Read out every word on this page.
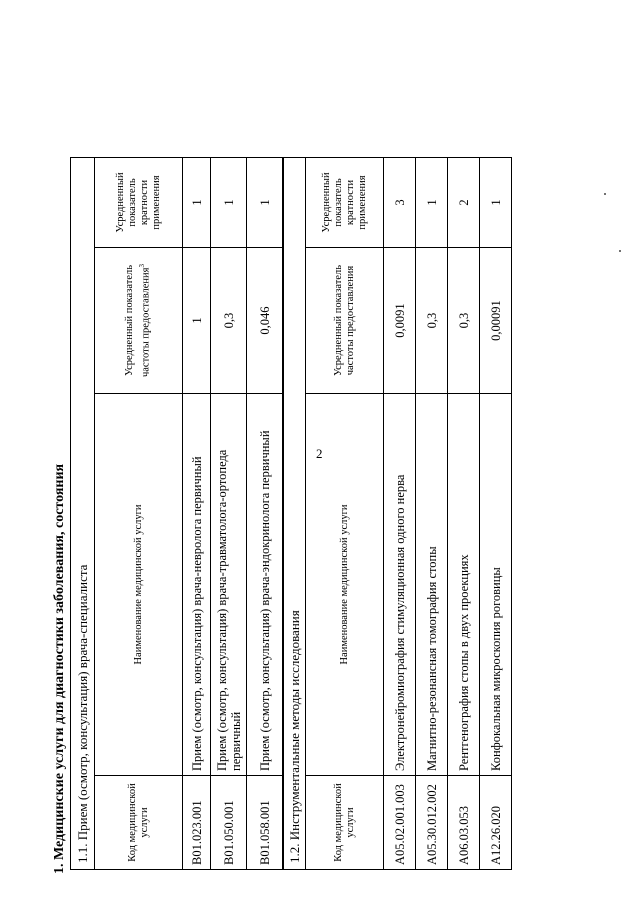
2
1. Медицинские услуги для диагностики заболевания, состояния 1.1. Прием (осмотр, консультация) врача-специалиста			
Код медицинской услуги	Наименование медицинской услуги	Усредненный показатель частоты предоставления$^3$	Усредненный показатель кратности применения
B01.023.001	Прием (осмотр, консультация) врача-невролога первичный	1	1
B01.050.001	Прием (осмотр, консультация) врача-травматолога-ортопеда первичный	0,3	1
B01.058.001	Прием (осмотр, консультация) врача-эндокринолога первичный	0,046	1
1.2. Инструментальные методы исследования			
Код медицинской услуги	Наименование медицинской услуги	Усредненный показатель частоты предоставления	Усредненный показатель кратности применения
A05.02.001.003	Электронейромиография стимуляционная одного нерва	0,0091	3
A05.30.012.002	Магнитно-резонансная томография стопы	0,3	1
A06.03.053	Рентгенография стопы в двух проекциях	0,3	2
A12.26.020	Конфокальная микроскопия роговицы	0,00091	1
